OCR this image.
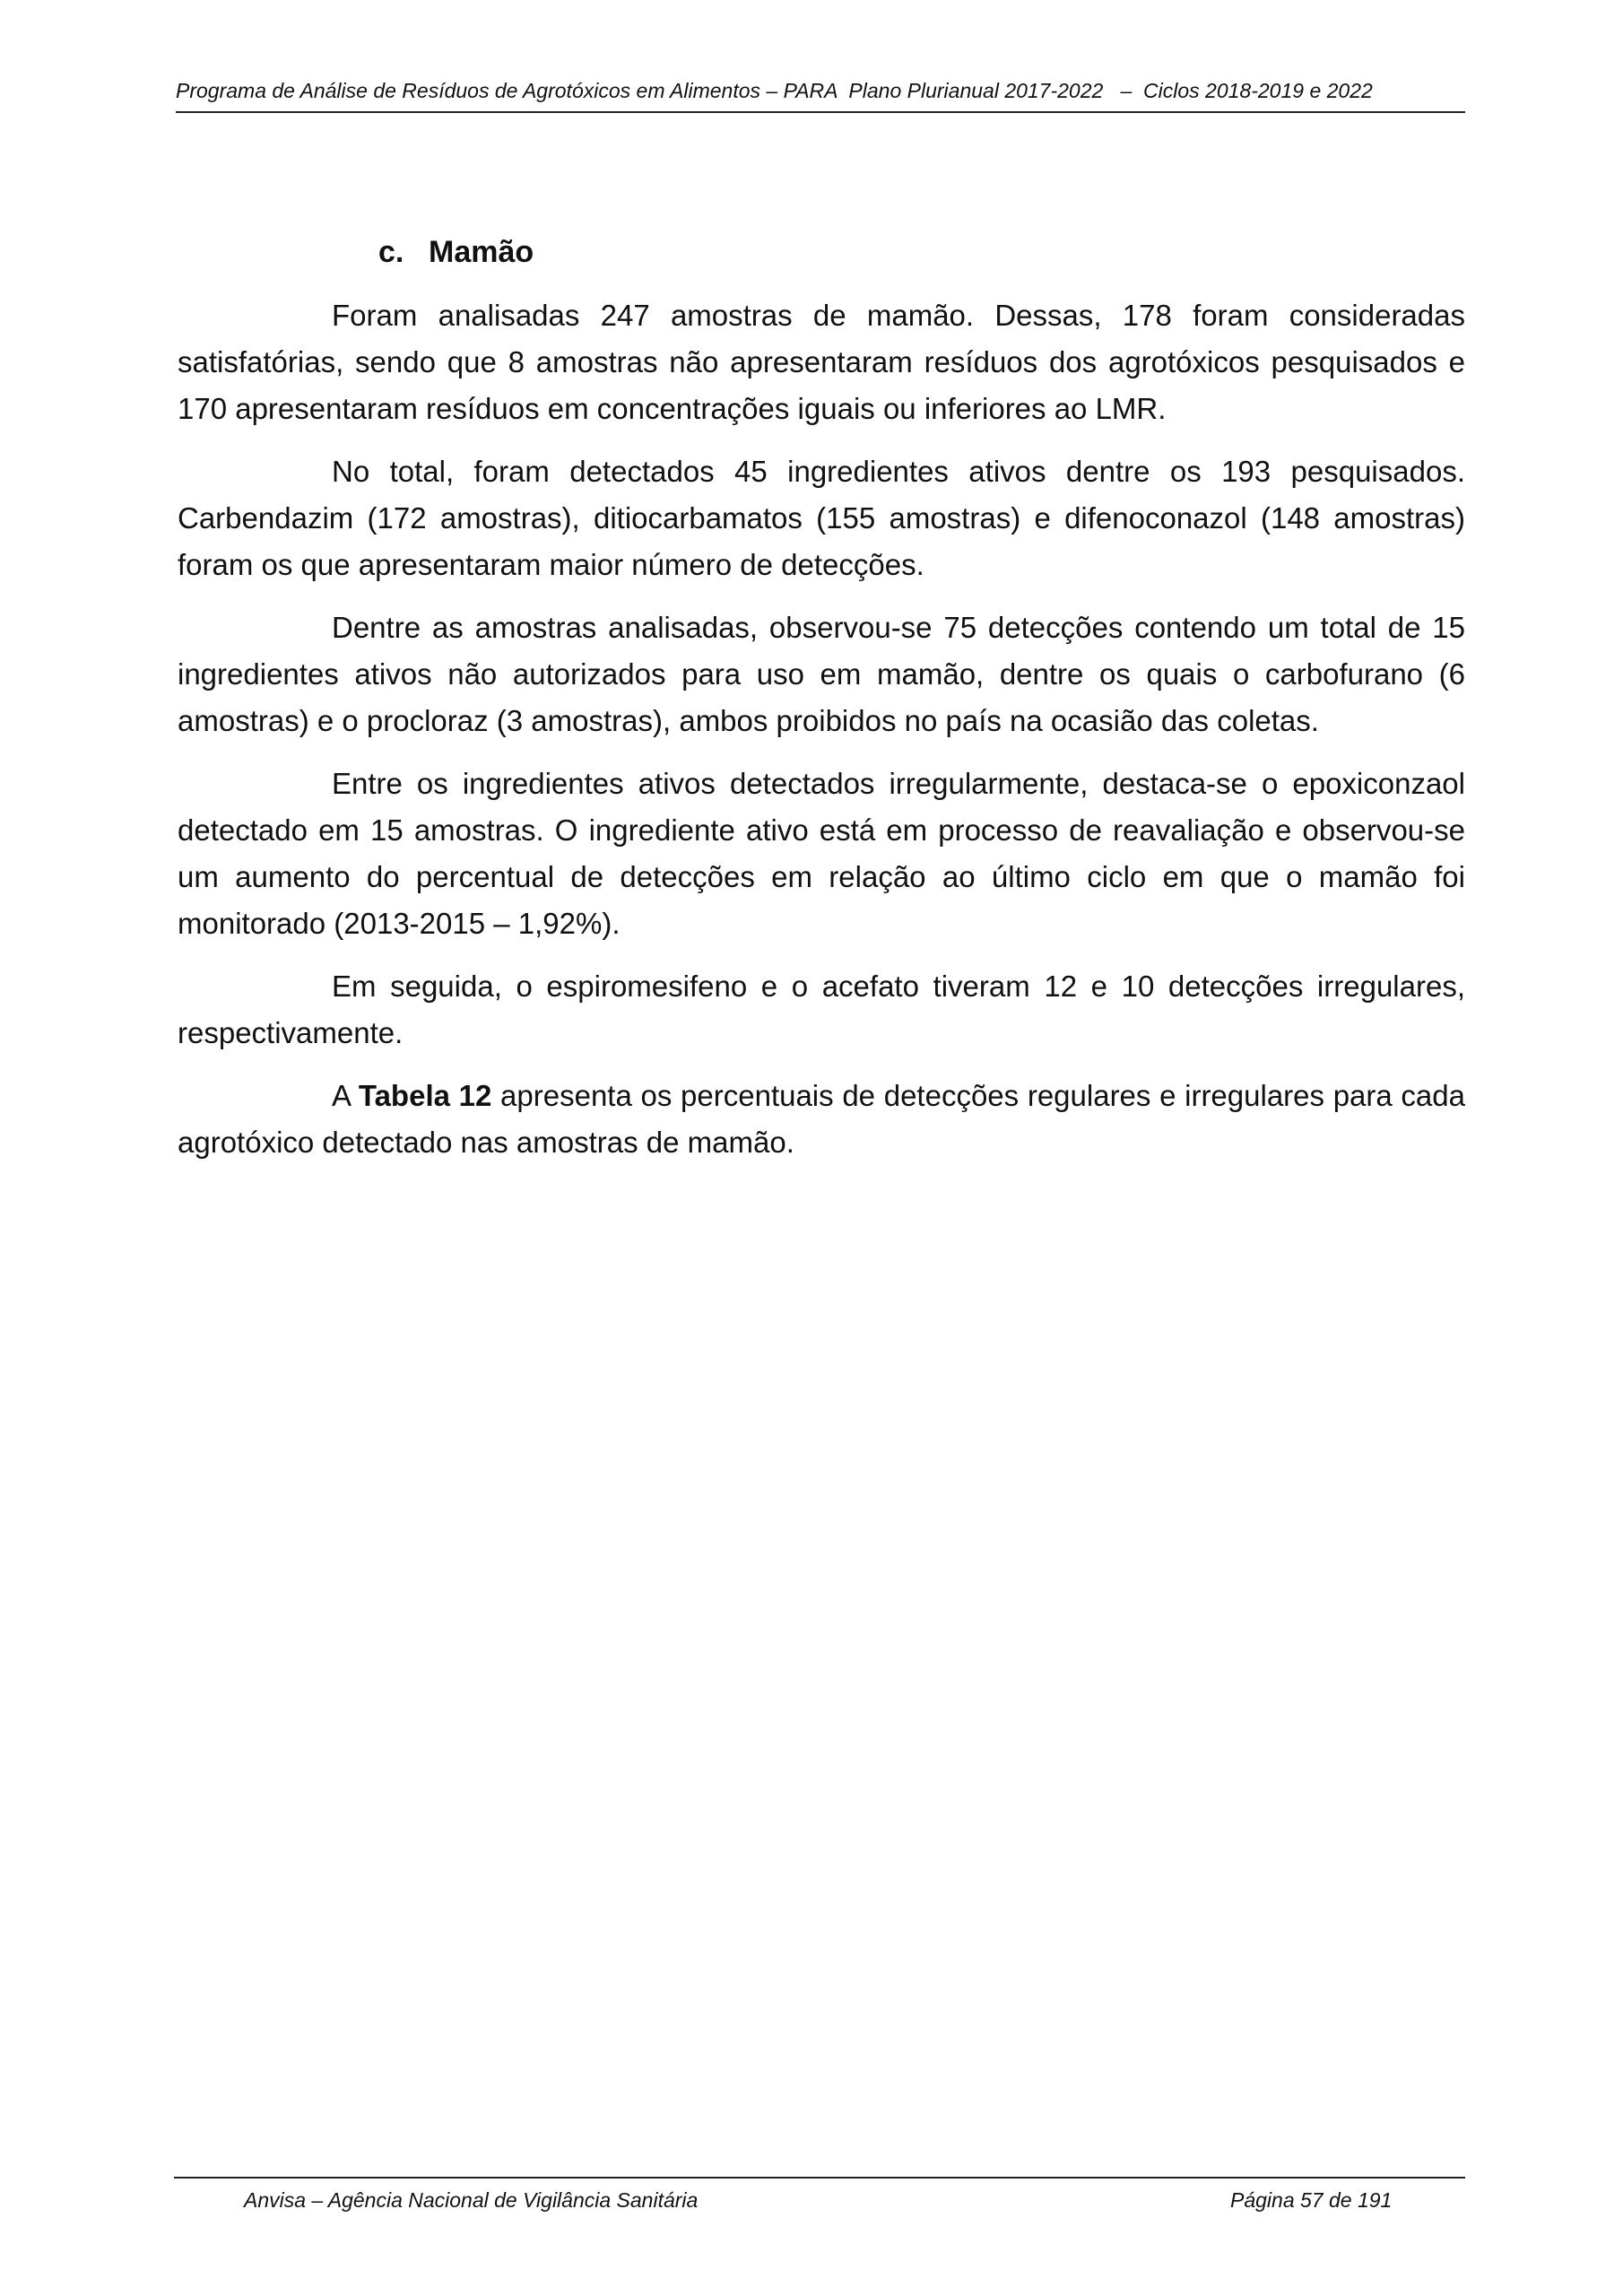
Programa de Análise de Resíduos de Agrotóxicos em Alimentos – PARA  Plano Plurianual 2017-2022   –  Ciclos 2018-2019 e 2022
c. Mamão

Foram analisadas 247 amostras de mamão. Dessas, 178 foram consideradas satisfatórias, sendo que 8 amostras não apresentaram resíduos dos agrotóxicos pesquisados e 170 apresentaram resíduos em concentrações iguais ou inferiores ao LMR.

No total, foram detectados 45 ingredientes ativos dentre os 193 pesquisados. Carbendazim (172 amostras), ditiocarbamatos (155 amostras) e difenoconazol (148 amostras) foram os que apresentaram maior número de detecções.

Dentre as amostras analisadas, observou-se 75 detecções contendo um total de 15 ingredientes ativos não autorizados para uso em mamão, dentre os quais o carbofurano (6 amostras) e o procloraz (3 amostras), ambos proibidos no país na ocasião das coletas.

Entre os ingredientes ativos detectados irregularmente, destaca-se o epoxiconzaol detectado em 15 amostras. O ingrediente ativo está em processo de reavaliação e observou-se um aumento do percentual de detecções em relação ao último ciclo em que o mamão foi monitorado (2013-2015 – 1,92%).

Em seguida, o espiromesifeno e o acefato tiveram 12 e 10 detecções irregulares, respectivamente.

A Tabela 12 apresenta os percentuais de detecções regulares e irregulares para cada agrotóxico detectado nas amostras de mamão.

Anvisa – Agência Nacional de Vigilância Sanitária	Página 57 de 191
